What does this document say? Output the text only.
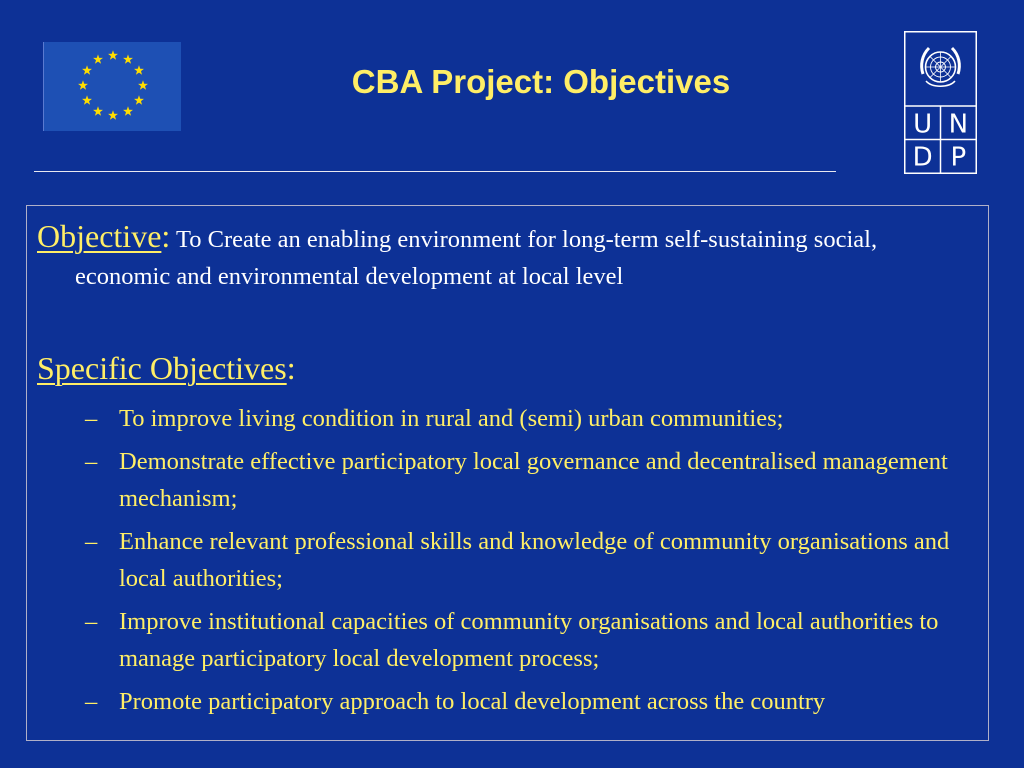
CBA Project: Objectives
U N
D P

Objective: To Create an enabling environment for long-term self-sustaining social, economic and environmental development at local level

Specific Objectives:

– To improve living condition in rural and (semi) urban communities;
– Demonstrate effective participatory local governance and decentralised management mechanism;
– Enhance relevant professional skills and knowledge of community organisations and local authorities;
– Improve institutional capacities of community organisations and local authorities to manage participatory local development process;
– Promote participatory approach to local development across the country
